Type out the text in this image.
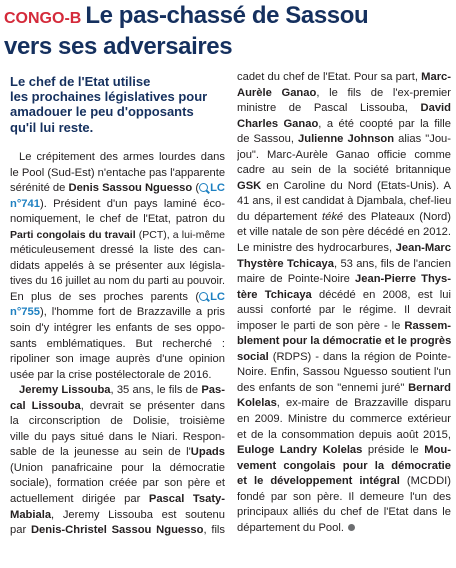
CONGO-B Le pas-chassé de Sassou
vers ses adversaires
Le chef de l'Etat utilise
les prochaines législatives pour
amadouer le peu d'opposants
qu'il lui reste.
Le crépitement des armes lourdes dans
le Pool (Sud-Est) n'entache pas l'apparente
sérénité de Denis Sassou Nguesso ( LC
n°741). Président d'un pays laminé éco-
nomiquement, le chef de l'Etat, patron du
Parti congolais du travail (PCT), a lui-même
méticuleusement dressé la liste des can-
didats appelés à se présenter aux législa-
tives du 16 juillet au nom du parti au pouvoir.
En plus de ses proches parents ( LC
n°755), l'homme fort de Brazzaville a pris
soin d'y intégrer les enfants de ses oppo-
sants emblématiques. But recherché :
ripoliner son image auprès d'une opinion
usée par la crise postélectorale de 2016.
Jeremy Lissouba, 35 ans, le fils de Pas-
cal Lissouba, devrait se présenter dans
la circonscription de Dolisie, troisième
ville du pays situé dans le Niari. Respon-
sable de la jeunesse au sein de l'Upads
(Union panafricaine pour la démocratie
sociale), formation créée par son père et
actuellement dirigée par Pascal Tsaty-
Mabiala, Jeremy Lissouba est soutenu
par Denis-Christel Sassou Nguesso, fils
cadet du chef de l'Etat. Pour sa part, Marc-
Aurèle Ganao, le fils de l'ex-premier
ministre de Pascal Lissouba, David
Charles Ganao, a été coopté par la fille
de Sassou, Julienne Johnson alias "Jou-
jou". Marc-Aurèle Ganao officie comme
cadre au sein de la société britannique
GSK en Caroline du Nord (Etats-Unis). A
41 ans, il est candidat à Djambala, chef-lieu
du département téké des Plateaux (Nord)
et ville natale de son père décédé en 2012.
Le ministre des hydrocarbures, Jean-Marc
Thystère Tchicaya, 53 ans, fils de l'ancien
maire de Pointe-Noire Jean-Pierre Thys-
tère Tchicaya décédé en 2008, est lui
aussi conforté par le régime. Il devrait
imposer le parti de son père - le Rassem-
blement pour la démocratie et le progrès
social (RDPS) - dans la région de Pointe-
Noire. Enfin, Sassou Nguesso soutient l'un
des enfants de son "ennemi juré" Bernard
Kolelas, ex-maire de Brazzaville disparu
en 2009. Ministre du commerce extérieur
et de la consommation depuis août 2015,
Euloge Landry Kolelas préside le Mou-
vement congolais pour la démocratie
et le développement intégral (MCDDI)
fondé par son père. Il demeure l'un des
principaux alliés du chef de l'Etat dans le
département du Pool.
